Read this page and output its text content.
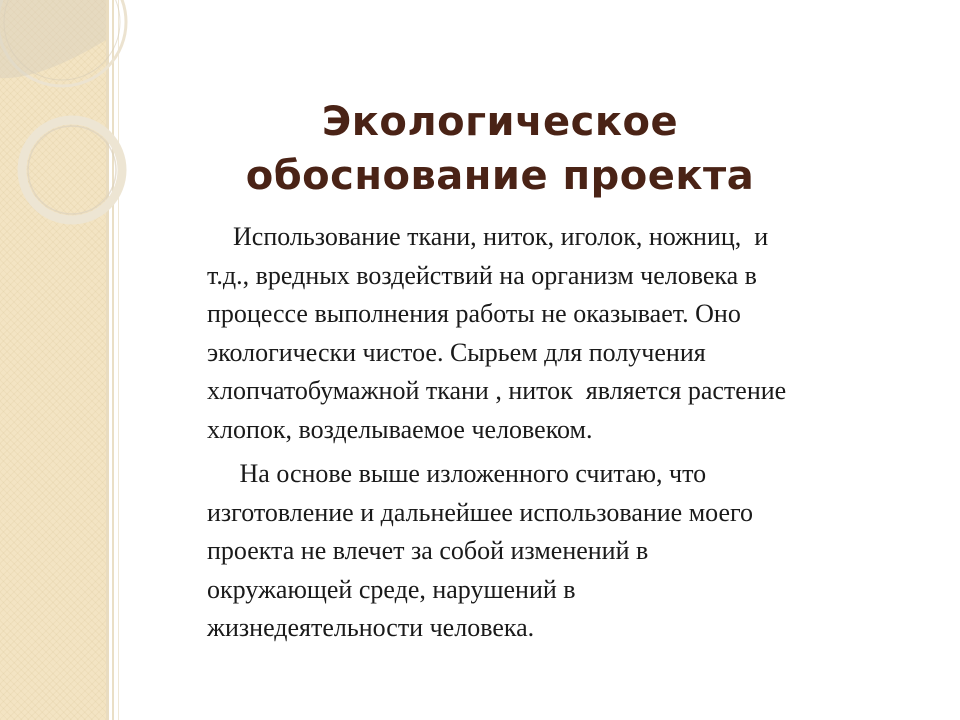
Экологическое
обоснование проекта

Использование ткани, ниток, иголок, ножниц,  и
т.д., вредных воздействий на организм человека в
процессе выполнения работы не оказывает. Оно
экологически чистое. Сырьем для получения
хлопчатобумажной ткани , ниток  является растение
хлопок, возделываемое человеком.

На основе выше изложенного считаю, что
изготовление и дальнейшее использование моего
проекта не влечет за собой изменений в
окружающей среде, нарушений в
жизнедеятельности человека.
